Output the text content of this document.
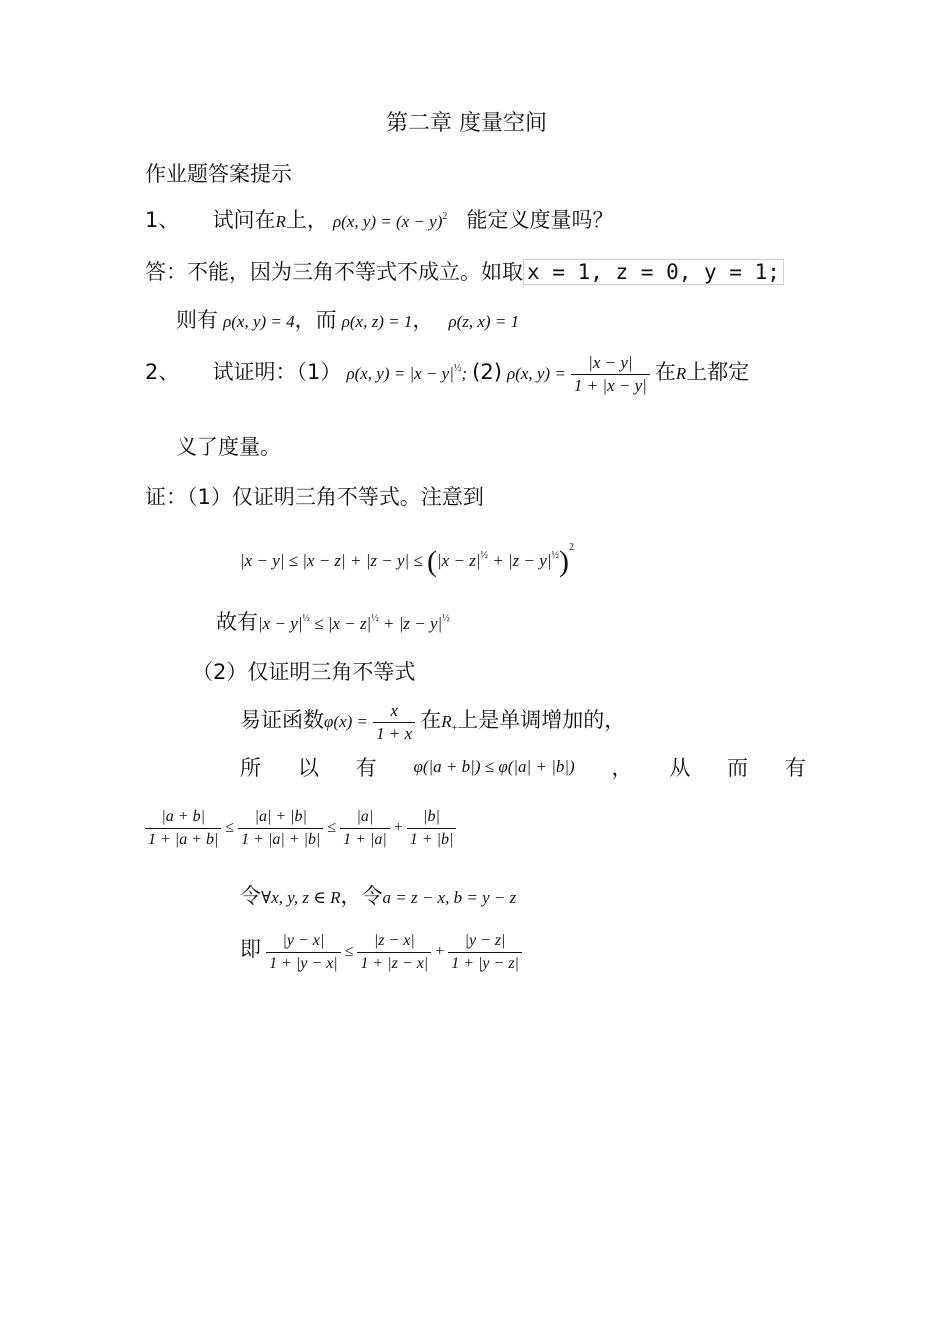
第二章 度量空间
作业题答案提示
1、 试问在R上， ρ(x, $y) = (x - y)^2$ 能定义度量吗？
答：不能，因为三角不等式不成立。如取 x = 1, z = 0, y = 1;
则有 ρ(x, y) = 4，而 ρ(x, z) = 1， ρ(z, x) = 1
2、 试证明：（1） ρ(x, $y) = |x - y|^{\frac{1}{2}}$; (2) ρ(x, $y) = \frac{|x - y|}{1 + |x - y|}$ 在R上都定
义了度量。
证：（1）仅证明三角不等式。注意到
$|x - y| \le |x - z| + |z - y| \le (|x - z|^{\frac{1}{2}} + |z - y|^{\frac{1}{2}})^2$
故有$|x - y|^{\frac{1}{2}} \le |x - z|^{\frac{1}{2}} + |z - y|^{\frac{1}{2}}$
（2）仅证明三角不等式
易证函数$\varphi(x) = \frac{x}{1 + x}$ 在$R_+$上是单调增加的，
所 以 有 φ(|a + b|) ≤ φ(|a| + |b|) ， 从 而 有
$\frac{|a + b|}{1 + |a + b|} \le \frac{|a| + |b|}{1 + |a| + |b|} \le \frac{|a|}{1 + |a|} + \frac{|b|}{1 + |b|}$
令∀x, y, z ∈ R，令a = z − x, b = y − z
即 $\frac{|y - x|}{1 + |y - x|} \le \frac{|z - x|}{1 + |z - x|} + \frac{|y - z|}{1 + |y - z|}$
